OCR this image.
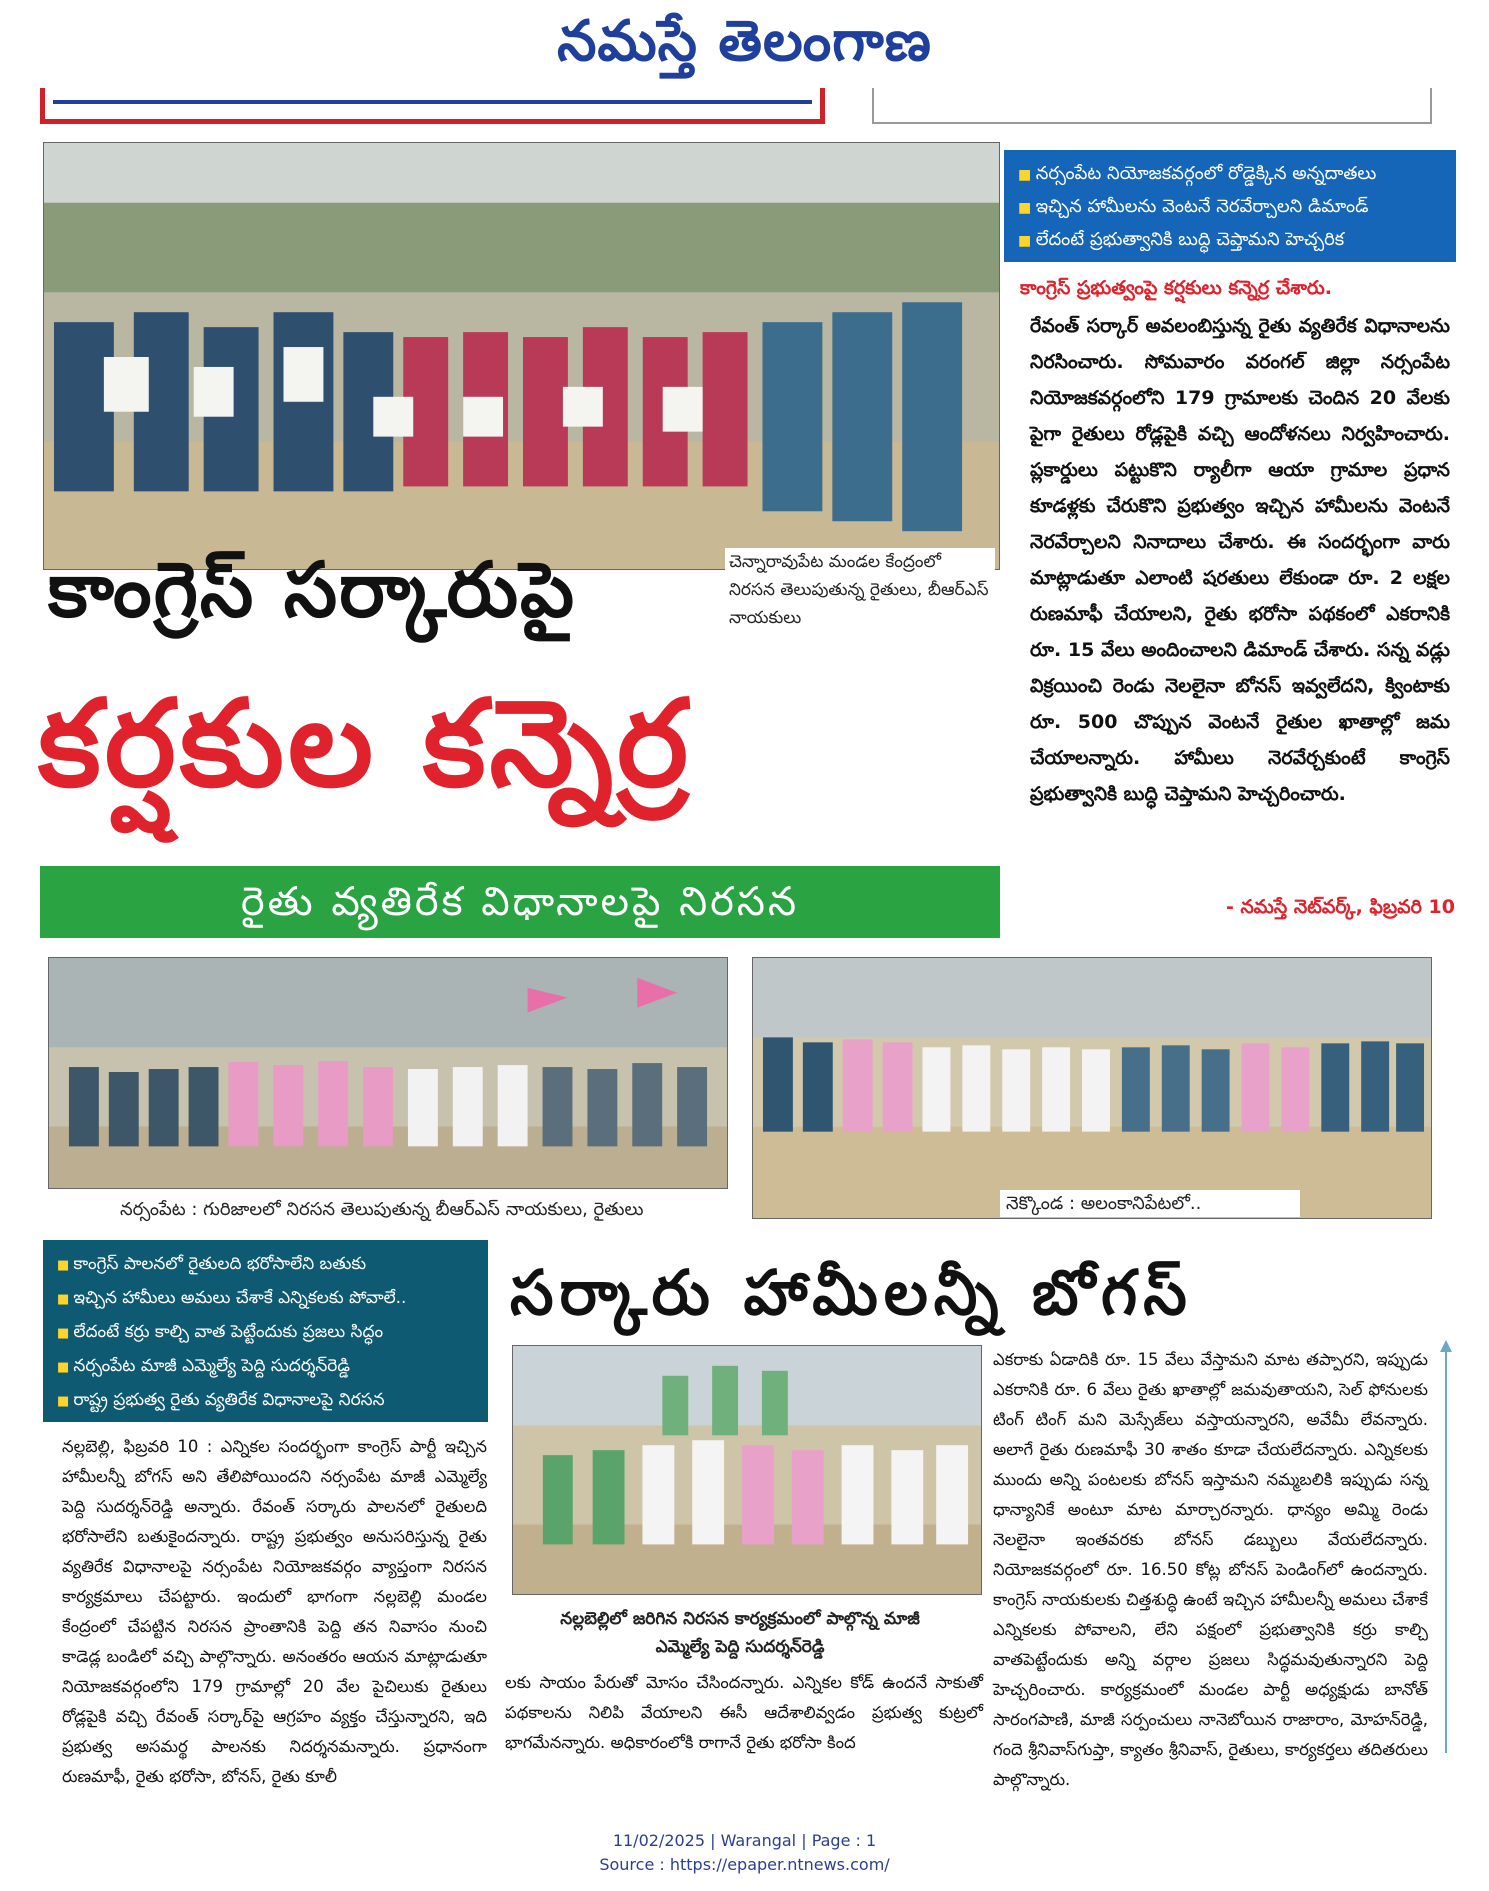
నమస్తే తెలంగాణ
చెన్నారావుపేట మండల కేంద్రంలో నిరసన తెలుపుతున్న రైతులు, బీఆర్ఎస్ నాయకులు
కాంగ్రెస్ సర్కారుపై
కర్షకుల కన్నెర్ర
రైతు వ్యతిరేక విధానాలపై నిరసన
■ నర్సంపేట నియోజకవర్గంలో రోడ్డెక్కిన అన్నదాతలు
■ ఇచ్చిన హామీలను వెంటనే నెరవేర్చాలని డిమాండ్
■ లేదంటే ప్రభుత్వానికి బుద్ధి చెప్తామని హెచ్చరిక
కాంగ్రెస్ ప్రభుత్వంపై కర్షకులు కన్నెర్ర చేశారు.
రేవంత్ సర్కార్ అవలంబిస్తున్న రైతు వ్యతిరేక విధానాలను నిరసించారు. సోమవారం వరంగల్ జిల్లా నర్సంపేట నియోజకవర్గంలోని 179 గ్రామాలకు చెందిన 20 వేలకు పైగా రైతులు రోడ్లపైకి వచ్చి ఆందోళనలు నిర్వహించారు. ప్లకార్డులు పట్టుకొని ర్యాలీగా ఆయా గ్రామాల ప్రధాన కూడళ్లకు చేరుకొని ప్రభుత్వం ఇచ్చిన హామీలను వెంటనే నెరవేర్చాలని నినాదాలు చేశారు. ఈ సందర్భంగా వారు మాట్లాడుతూ ఎలాంటి షరతులు లేకుండా రూ. 2 లక్షల రుణమాఫీ చేయాలని, రైతు భరోసా పథకంలో ఎకరానికి రూ. 15 వేలు అందించాలని డిమాండ్ చేశారు. సన్న వడ్లు విక్రయించి రెండు నెలలైనా బోనస్ ఇవ్వలేదని, క్వింటాకు రూ. 500 చొప్పున వెంటనే రైతుల ఖాతాల్లో జమ చేయాలన్నారు. హామీలు నెరవేర్చకుంటే కాంగ్రెస్ ప్రభుత్వానికి బుద్ధి చెప్తామని హెచ్చరించారు.
- నమస్తే నెట్‌వర్క్, ఫిబ్రవరి 10
నర్సంపేట : గురిజాలలో నిరసన తెలుపుతున్న బీఆర్ఎస్ నాయకులు, రైతులు	నెక్కొండ : అలంకానిపేటలో..
■ కాంగ్రెస్ పాలనలో రైతులది భరోసాలేని బతుకు
■ ఇచ్చిన హామీలు అమలు చేశాకే ఎన్నికలకు పోవాలే..
■ లేదంటే కర్రు కాల్చి వాత పెట్టేందుకు ప్రజలు సిద్ధం
■ నర్సంపేట మాజీ ఎమ్మెల్యే పెద్ది సుదర్శన్‌రెడ్డి
■ రాష్ట్ర ప్రభుత్వ రైతు వ్యతిరేక విధానాలపై నిరసన
సర్కారు హామీలన్నీ బోగస్
నల్లబెల్లి, ఫిబ్రవరి 10 : ఎన్నికల సందర్భంగా కాంగ్రెస్ పార్టీ ఇచ్చిన హామీలన్నీ బోగస్ అని తేలిపోయిందని నర్సంపేట మాజీ ఎమ్మెల్యే పెద్ది సుదర్శన్‌రెడ్డి అన్నారు. రేవంత్ సర్కారు పాలనలో రైతులది భరోసాలేని బతుకైందన్నారు. రాష్ట్ర ప్రభుత్వం అనుసరిస్తున్న రైతు వ్యతిరేక విధానాలపై నర్సంపేట నియోజకవర్గం వ్యాప్తంగా నిరసన కార్యక్రమాలు చేపట్టారు. ఇందులో భాగంగా నల్లబెల్లి మండల కేంద్రంలో చేపట్టిన నిరసన ప్రాంతానికి పెద్ది తన నివాసం నుంచి కాడెడ్ల బండిలో వచ్చి పాల్గొన్నారు. అనంతరం ఆయన మాట్లాడుతూ నియోజకవర్గంలోని 179 గ్రామాల్లో 20 వేల పైచిలుకు రైతులు రోడ్లపైకి వచ్చి రేవంత్ సర్కార్‌పై ఆగ్రహం వ్యక్తం చేస్తున్నారని, ఇది ప్రభుత్వ అసమర్థ పాలనకు నిదర్శనమన్నారు. ప్రధానంగా రుణమాఫీ, రైతు భరోసా, బోనస్, రైతు కూలీ
నల్లబెల్లిలో జరిగిన నిరసన కార్యక్రమంలో పాల్గొన్న మాజీ ఎమ్మెల్యే పెద్ది సుదర్శన్‌రెడ్డి
లకు సాయం పేరుతో మోసం చేసిందన్నారు. ఎన్నికల కోడ్ ఉందనే సాకుతో పథకాలను నిలిపి వేయాలని ఈసీ ఆదేశాలివ్వడం ప్రభుత్వ కుట్రలో భాగమేనన్నారు. అధికారంలోకి రాగానే రైతు భరోసా కింద
ఎకరాకు ఏడాదికి రూ. 15 వేలు వేస్తామని మాట తప్పారని, ఇప్పుడు ఎకరానికి రూ. 6 వేలు రైతు ఖాతాల్లో జమవుతాయని, సెల్ ఫోనులకు టింగ్ టింగ్ మని మెస్సేజ్‌లు వస్తాయన్నారని, అవేమీ లేవన్నారు. అలాగే రైతు రుణమాఫీ 30 శాతం కూడా చేయలేదన్నారు. ఎన్నికలకు ముందు అన్ని పంటలకు బోనస్ ఇస్తామని నమ్మబలికి ఇప్పుడు సన్న ధాన్యానికే అంటూ మాట మార్చారన్నారు. ధాన్యం అమ్మి రెండు నెలలైనా ఇంతవరకు బోనస్ డబ్బులు వేయలేదన్నారు. నియోజకవర్గంలో రూ. 16.50 కోట్ల బోనస్ పెండింగ్‌లో ఉందన్నారు. కాంగ్రెస్ నాయకులకు చిత్తశుద్ధి ఉంటే ఇచ్చిన హామీలన్నీ అమలు చేశాకే ఎన్నికలకు పోవాలని, లేని పక్షంలో ప్రభుత్వానికి కర్రు కాల్చి వాతపెట్టేందుకు అన్ని వర్గాల ప్రజలు సిద్ధమవుతున్నారని పెద్ది హెచ్చరించారు. కార్యక్రమంలో మండల పార్టీ అధ్యక్షుడు బానోత్ సారంగపాణి, మాజీ సర్పంచులు నానెబోయిన రాజారాం, మోహన్‌రెడ్డి, గందె శ్రీనివాస్‌గుప్తా, క్యాతం శ్రీనివాస్, రైతులు, కార్యకర్తలు తదితరులు పాల్గొన్నారు.
11/02/2025 | Warangal | Page : 1
Source : https://epaper.ntnews.com/
